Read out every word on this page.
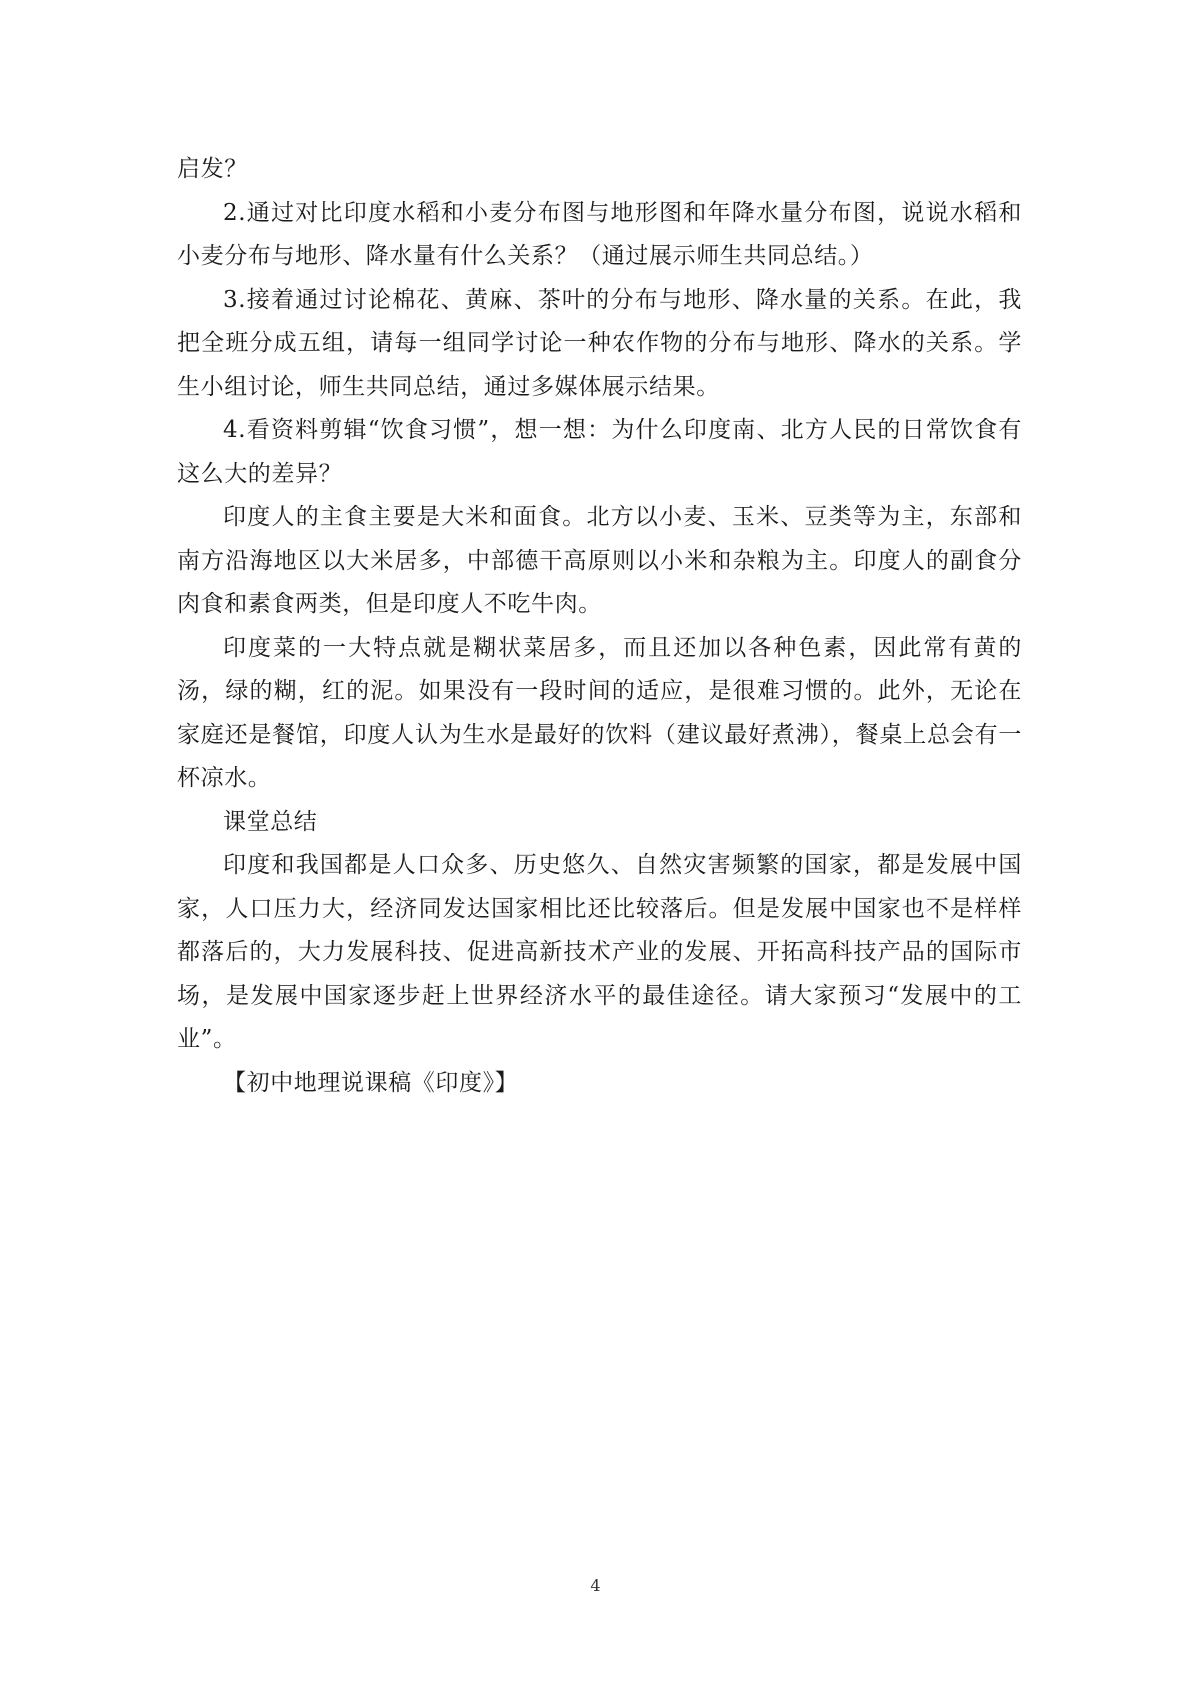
启发？

2.通过对比印度水稻和小麦分布图与地形图和年降水量分布图，说说水稻和小麦分布与地形、降水量有什么关系？（通过展示师生共同总结。）

3.接着通过讨论棉花、黄麻、茶叶的分布与地形、降水量的关系。在此，我把全班分成五组，请每一组同学讨论一种农作物的分布与地形、降水的关系。学生小组讨论，师生共同总结，通过多媒体展示结果。

4.看资料剪辑“饮食习惯”，想一想：为什么印度南、北方人民的日常饮食有这么大的差异？

印度人的主食主要是大米和面食。北方以小麦、玉米、豆类等为主，东部和南方沿海地区以大米居多，中部德干高原则以小米和杂粮为主。印度人的副食分肉食和素食两类，但是印度人不吃牛肉。

印度菜的一大特点就是糊状菜居多，而且还加以各种色素，因此常有黄的汤，绿的糊，红的泥。如果没有一段时间的适应，是很难习惯的。此外，无论在家庭还是餐馆，印度人认为生水是最好的饮料（建议最好煮沸），餐桌上总会有一杯凉水。

课堂总结

印度和我国都是人口众多、历史悠久、自然灾害频繁的国家，都是发展中国家，人口压力大，经济同发达国家相比还比较落后。但是发展中国家也不是样样都落后的，大力发展科技、促进高新技术产业的发展、开拓高科技产品的国际市场，是发展中国家逐步赶上世界经济水平的最佳途径。请大家预习“发展中的工业”。

【初中地理说课稿《印度》】

4
